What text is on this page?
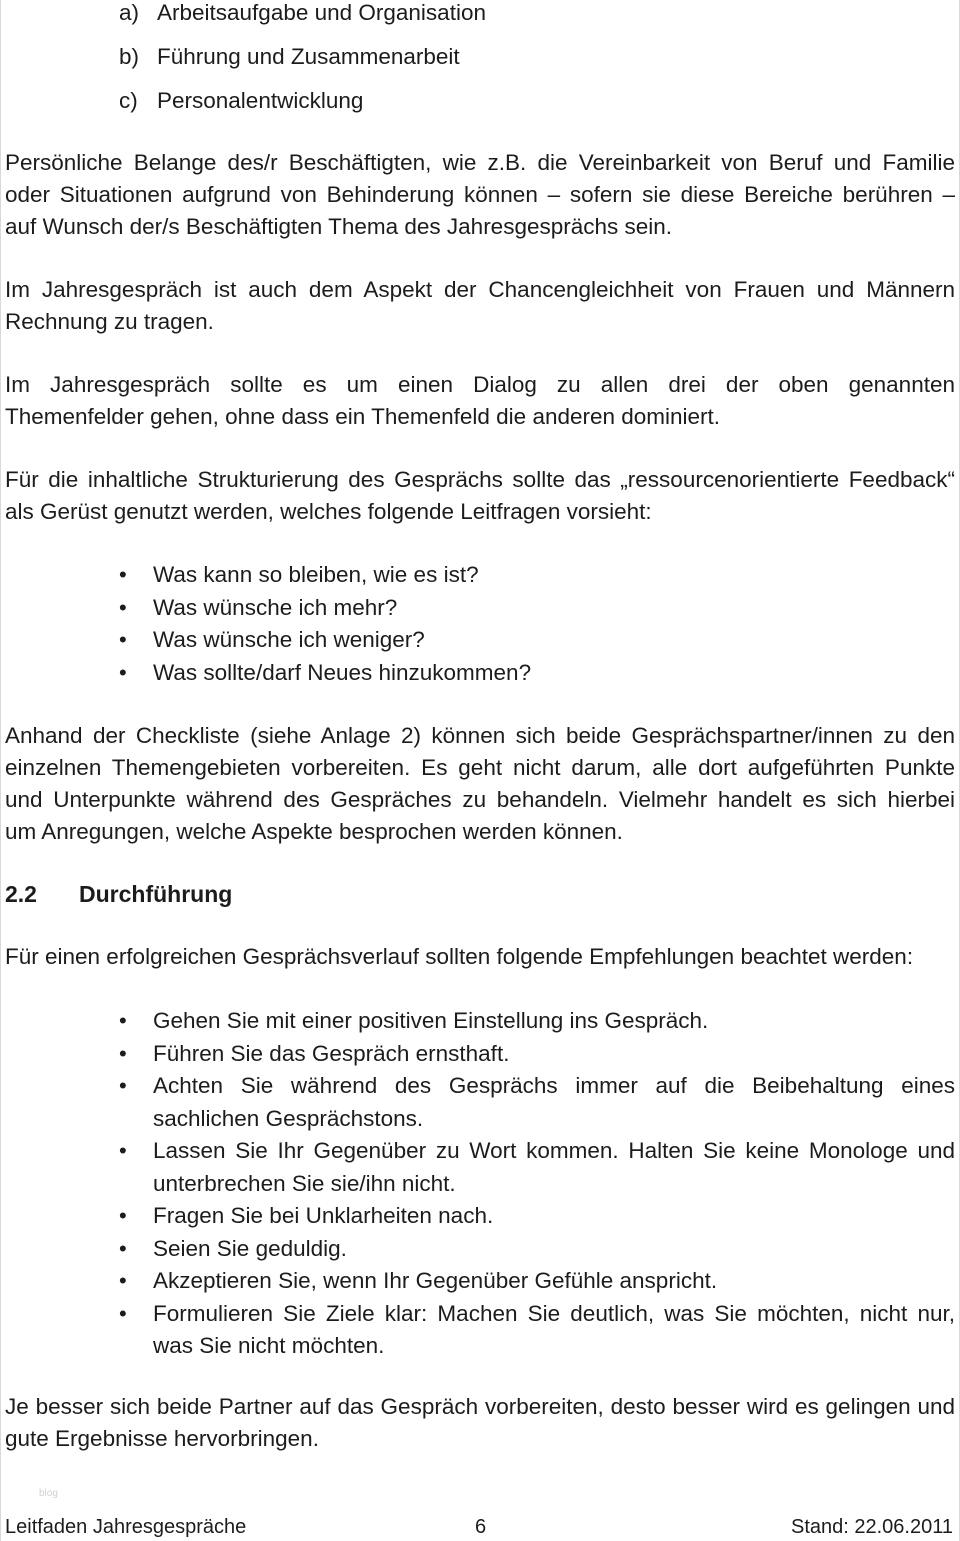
a) Arbeitsaufgabe und Organisation
b) Führung und Zusammenarbeit
c) Personalentwicklung

Persönliche Belange des/r Beschäftigten, wie z.B. die Vereinbarkeit von Beruf und Familie
oder Situationen aufgrund von Behinderung können – sofern sie diese Bereiche berühren –
auf Wunsch der/s Beschäftigten Thema des Jahresgesprächs sein.

Im Jahresgespräch ist auch dem Aspekt der Chancengleichheit von Frauen und Männern
Rechnung zu tragen.

Im Jahresgespräch sollte es um einen Dialog zu allen drei der oben genannten
Themenfelder gehen, ohne dass ein Themenfeld die anderen dominiert.

Für die inhaltliche Strukturierung des Gesprächs sollte das „ressourcenorientierte Feedback“
als Gerüst genutzt werden, welches folgende Leitfragen vorsieht:

• Was kann so bleiben, wie es ist?
• Was wünsche ich mehr?
• Was wünsche ich weniger?
• Was sollte/darf Neues hinzukommen?

Anhand der Checkliste (siehe Anlage 2) können sich beide Gesprächspartner/innen zu den
einzelnen Themengebieten vorbereiten. Es geht nicht darum, alle dort aufgeführten Punkte
und Unterpunkte während des Gespräches zu behandeln. Vielmehr handelt es sich hierbei
um Anregungen, welche Aspekte besprochen werden können.

2.2 Durchführung

Für einen erfolgreichen Gesprächsverlauf sollten folgende Empfehlungen beachtet werden:

• Gehen Sie mit einer positiven Einstellung ins Gespräch.
• Führen Sie das Gespräch ernsthaft.
• Achten Sie während des Gesprächs immer auf die Beibehaltung eines sachlichen Gesprächstons.
• Lassen Sie Ihr Gegenüber zu Wort kommen. Halten Sie keine Monologe und unterbrechen Sie sie/ihn nicht.
• Fragen Sie bei Unklarheiten nach.
• Seien Sie geduldig.
• Akzeptieren Sie, wenn Ihr Gegenüber Gefühle anspricht.
• Formulieren Sie Ziele klar: Machen Sie deutlich, was Sie möchten, nicht nur, was Sie nicht möchten.

Je besser sich beide Partner auf das Gespräch vorbereiten, desto besser wird es gelingen und
gute Ergebnisse hervorbringen.

blog
Leitfaden Jahresgespräche	6	Stand: 22.06.2011
